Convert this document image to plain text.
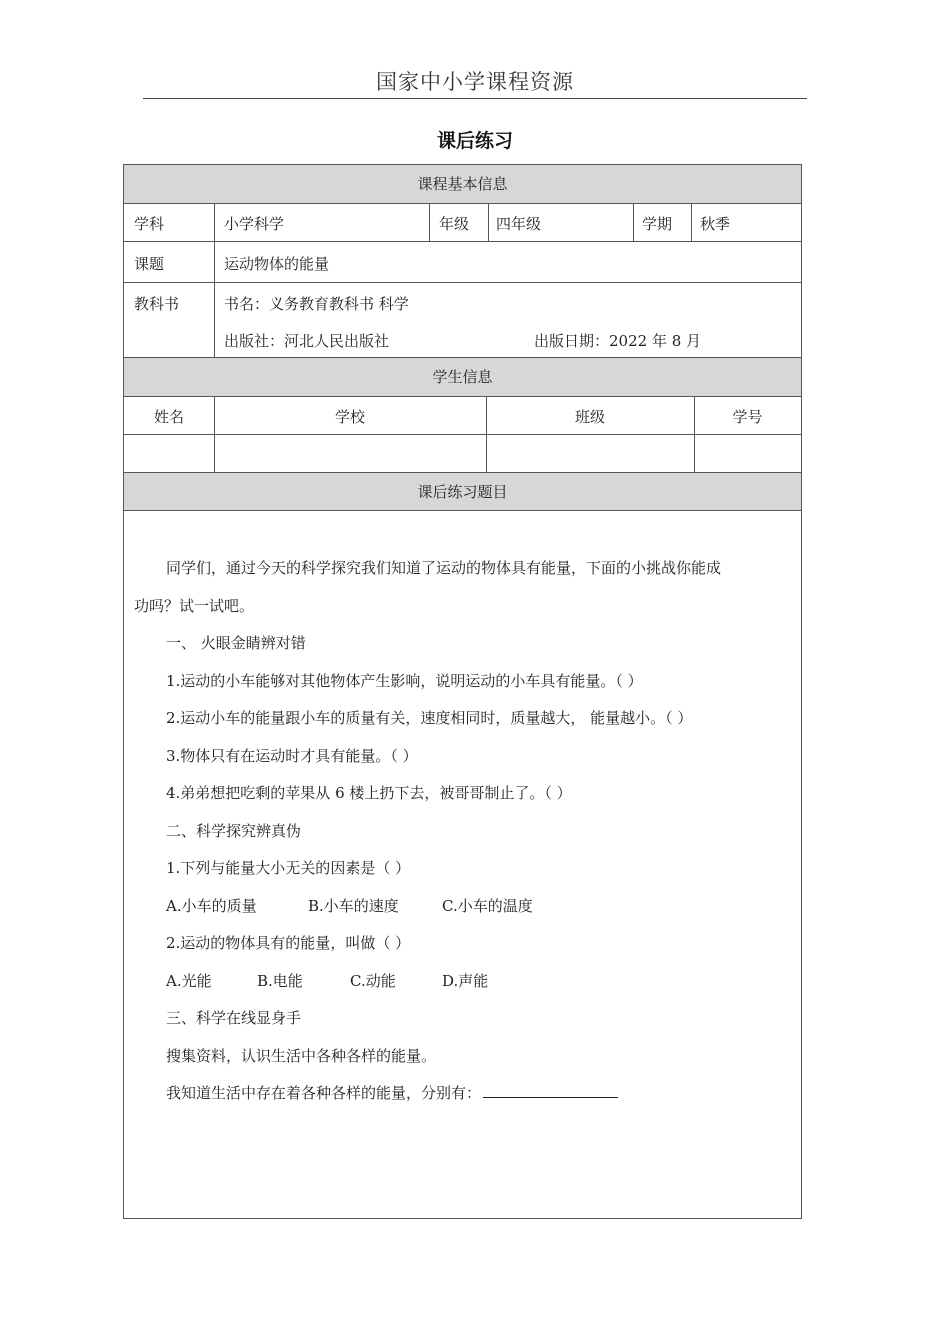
国家中小学课程资源
课后练习
课程基本信息
学科	小学科学	年级 四年级	学期 秋季
课题	运动物体的能量
教科书	书名：义务教育教科书 科学
出版社：河北人民出版社	出版日期：2022 年 8 月
学生信息
姓名	学校	班级	学号
课后练习题目
同学们，通过今天的科学探究我们知道了运动的物体具有能量，下面的小挑战你能成
功吗？试一试吧。
一、 火眼金睛辨对错
1.运动的小车能够对其他物体产生影响，说明运动的小车具有能量。（ ）
2.运动小车的能量跟小车的质量有关，速度相同时，质量越大， 能量越小。（ ）
3.物体只有在运动时才具有能量。（ ）
4.弟弟想把吃剩的苹果从 6 楼上扔下去，被哥哥制止了。（ ）
二、科学探究辨真伪
1.下列与能量大小无关的因素是（ ）
A.小车的质量	B.小车的速度	C.小车的温度
2.运动的物体具有的能量，叫做（ ）
A.光能	B.电能	C.动能	D.声能
三、科学在线显身手
搜集资料，认识生活中各种各样的能量。
我知道生活中存在着各种各样的能量，分别有：
